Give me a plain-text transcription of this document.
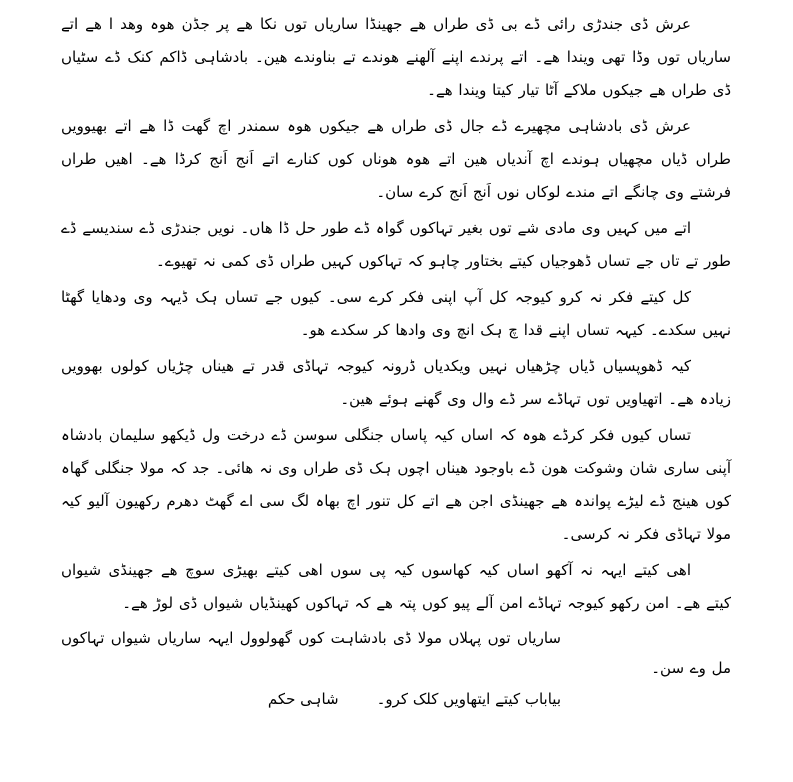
عرش ڈی جندڑی رائی ڈے بی ڈی طراں ھے جھینڈا ساریاں توں نکا ھے پر جڈن ھوہ وھد ا ھے اتے ساریاں توں وڈا تھی ویندا ھے۔ اتے پرندے اپنے آلھنے ھوندے تے بناوندے ھین۔ بادشاہی ڈاکم کنک ڈے سٹیاں ڈی طراں ھے جیکوں ملاکے آٹا تیار کیتا ویندا ھے۔

عرش ڈی بادشاہی مچھیرے ڈے جال ڈی طراں ھے جیکوں ھوہ سمندر اچ گھت ڈا ھے اتے بھیوویں طراں ڈیاں مچھیاں ہوندے اچ آندیاں ھین اتے ھوہ ھوناں کوں کنارے اتے اَنج اَنج کرڈا ھے۔ اھیں طراں فرشتے وی چانگے اتے مندے لوکاں نوں اَنج اَنج کرے سان۔

اتے میں کہیں وی مادی شے توں بغیر تہاکوں گواہ ڈے طور حل ڈا ھاں۔ نویں جندڑی ڈے سندیسے ڈے طور تے تاں جے تساں ڈھوجیاں کیتے بختاور چاہو کہ تہاکوں کہیں طراں ڈی کمی نہ تھیوے۔

کل کیتے فکر نہ کرو کیوجہ کل آپ اپنی فکر کرے سی۔ کیوں جے تساں ہک ڈیہہ وی ودھایا گھٹا نہیں سکدے۔ کیہہ تساں اپنے قدا چ ہک انچ وی وادھا کر سکدے ھو۔

کیہ ڈھوپسیاں ڈیاں چڑھیاں نہیں ویکدیاں ڈرونہ کیوجہ تہاڈی قدر تے ھیناں چڑیاں کولوں بھوویں زیادہ ھے۔ اتھیاویں توں تہاڈے سر ڈے وال وی گھنے ہوئے ھین۔

تساں کیوں فکر کرڈے ھوہ کہ اساں کیہ پاساں جنگلی سوسن ڈے درخت ول ڈیکھو سلیمان بادشاہ آپنی ساری شان وشوکت ھون ڈے باوجود ھیناں اچوں ہک ڈی طراں وی نہ ھائی۔ جد کہ مولا جنگلی گھاہ کوں ھینج ڈے لیڑے پواندہ ھے جھینڈی اجن ھے اتے کل تنور اچ بھاہ لگ سی اے گھٹ دھرم رکھیون آلیو کیہ مولا تہاڈی فکر نہ کرسی۔

اھی کیتے ایہہ نہ آکھو اساں کیہ کھاسوں کیہ پی سوں اھی کیتے بھیڑی سوچ ھے جھینڈی شیواں کیتے ھے۔ امن رکھو کیوجہ تہاڈے امن آلے پیو کوں پتہ ھے کہ تہاکوں کھینڈیاں شیواں ڈی لوڑ ھے۔

ساریاں توں پہلاں مولا ڈی بادشاہت کوں گھولوول ایہہ ساریاں شیواں تہاکوں مل وے سن۔

بیاباب کیتے ایتھاویں کلک کرو۔شاہی حکم
